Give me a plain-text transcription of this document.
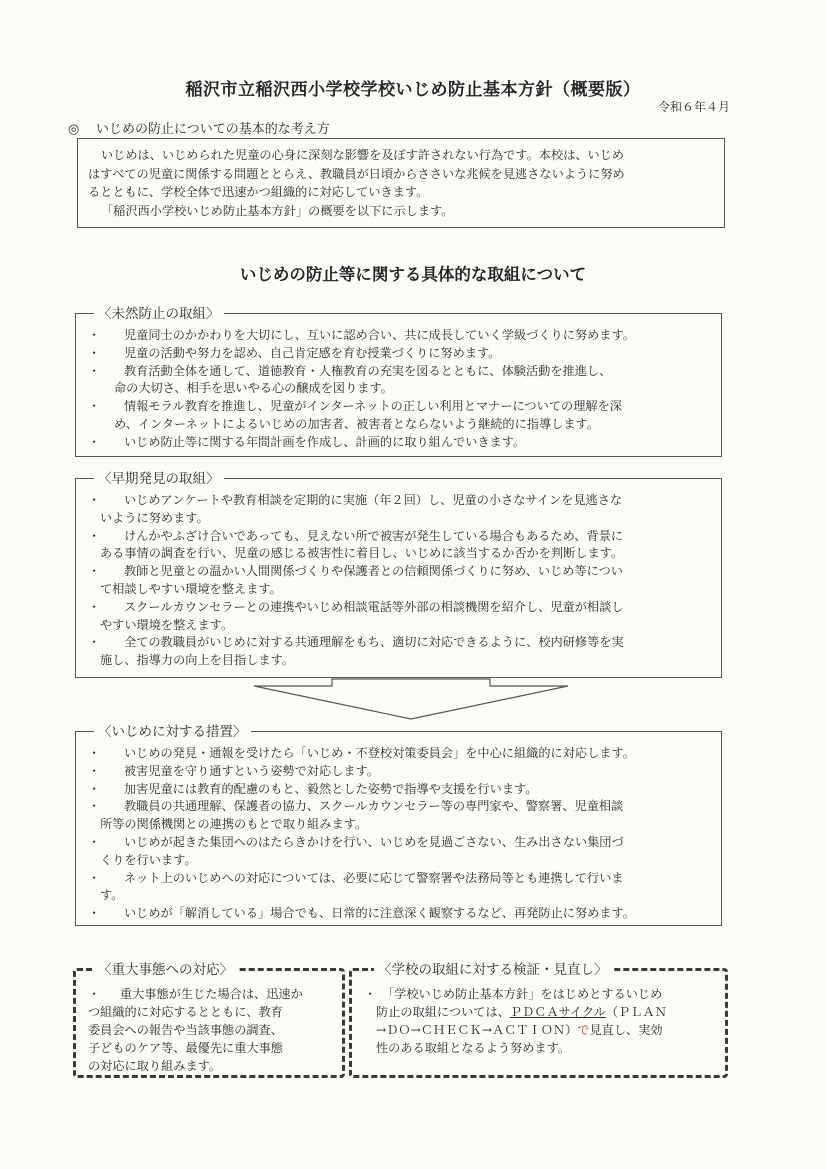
稲沢市立稲沢西小学校学校いじめ防止基本方針（概要版）
令和６年４月
◎ いじめの防止についての基本的な考え方

いじめは、いじめられた児童の心身に深刻な影響を及ぼす許されない行為です。本校は、いじめ

はすべての児童に関係する問題ととらえ、教職員が日頃からささいな兆候を見逃さないように努め

るとともに、学校全体で迅速かつ組織的に対応していきます。

「稲沢西小学校いじめ防止基本方針」の概要を以下に示します。

いじめの防止等に関する具体的な取組について
・	児童同士のかかわりを大切にし、互いに認め合い、共に成長していく学級づくりに努めます。
・	児童の活動や努力を認め、自己肯定感を育む授業づくりに努めます。
・	教育活動全体を通して、道徳教育・人権教育の充実を図るとともに、体験活動を推進し、
命の大切さ、相手を思いやる心の醸成を図ります。
・	情報モラル教育を推進し、児童がインターネットの正しい利用とマナーについての理解を深
め、インターネットによるいじめの加害者、被害者とならないよう継続的に指導します。
・	いじめ防止等に関する年間計画を作成し、計画的に取り組んでいきます。
〈未然防止の取組〉
・	いじめアンケートや教育相談を定期的に実施（年２回）し、児童の小さなサインを見逃さな
いように努めます。
・	けんかやふざけ合いであっても、見えない所で被害が発生している場合もあるため、背景に
ある事情の調査を行い、児童の感じる被害性に着目し、いじめに該当するか否かを判断します。
・	教師と児童との温かい人間関係づくりや保護者との信頼関係づくりに努め、いじめ等につい
て相談しやすい環境を整えます。
・	スクールカウンセラーとの連携やいじめ相談電話等外部の相談機関を紹介し、児童が相談し
やすい環境を整えます。
・	全ての教職員がいじめに対する共通理解をもち、適切に対応できるように、校内研修等を実
施し、指導力の向上を目指します。
〈早期発見の取組〉
・	いじめの発見・通報を受けたら「いじめ・不登校対策委員会」を中心に組織的に対応します。
・	被害児童を守り通すという姿勢で対応します。
・	加害児童には教育的配慮のもと、毅然とした姿勢で指導や支援を行います。
・	教職員の共通理解、保護者の協力、スクールカウンセラー等の専門家や、警察署、児童相談
所等の関係機関との連携のもとで取り組みます。
・	いじめが起きた集団へのはたらきかけを行い、いじめを見過ごさない、生み出さない集団づ
くりを行います。
・	ネット上のいじめへの対応については、必要に応じて警察署や法務局等とも連携して行いま
す。
・	いじめが「解消している」場合でも、日常的に注意深く観察するなど、再発防止に努めます。
〈いじめに対する措置〉
・	重大事態が生じた場合は、迅速か
つ組織的に対応するとともに、教育
委員会への報告や当該事態の調査、
子どものケア等、最優先に重大事態
の対応に取り組みます。
〈重大事態への対応〉
・ 「学校いじめ防止基本方針」をはじめとするいじめ
防止の取組については、ＰＤＣＡサイクル（ＰＬＡＮ
→ＤＯ→ＣＨＥＣＫ→ＡＣＴＩＯＮ）で見直し、実効
性のある取組となるよう努めます。
〈学校の取組に対する検証・見直し〉
